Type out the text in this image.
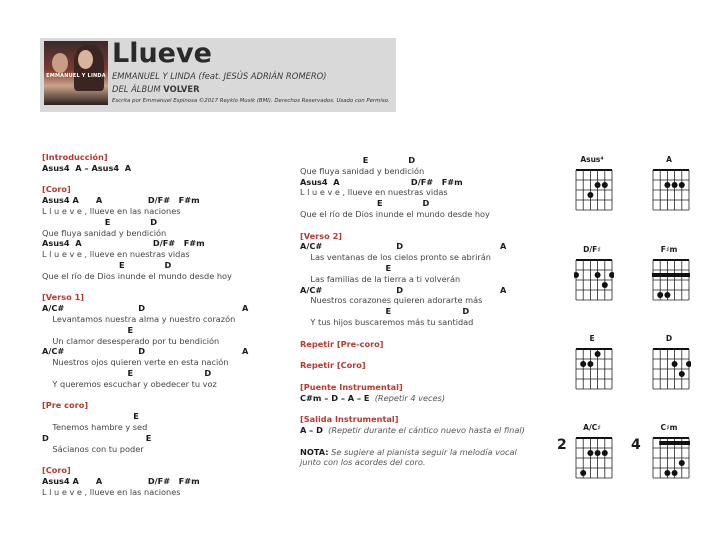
EMMANUEL Y LINDA
Llueve
EMMANUEL Y LINDA (feat. JESÚS ADRIÁN ROMERO)
DEL ÁLBUM VOLVER
Escrita por Emmanuel Espinosa ©2017 Reyklo Musik (BMI). Derechos Reservados. Usado con Permiso.
[Introducción]
Asus4  A – Asus4  A
[Coro]
Asus4 A      A                D/F#   F#m
L l u e v e , llueve en las naciones
E              D
Que fluya sanidad y bendición
Asus4  A                         D/F#   F#m
L l u e v e , llueve en nuestras vidas
E              D
Que el río de Dios inunde el mundo desde hoy
[Verso 1]
A/C#                          D                                  A
Levantamos nuestra alma y nuestro corazón
E
Un clamor desesperado por tu bendición
A/C#                          D                                  A
Nuestros ojos quieren verte en esta nación
E                         D
Y queremos escuchar y obedecer tu voz
[Pre coro]
E
Tenemos hambre y sed
D                                  E
Sácianos con tu poder
[Coro]
Asus4 A      A                D/F#   F#m
L l u e v e , llueve en las naciones
E              D
Que fluya sanidad y bendición
Asus4  A                         D/F#   F#m
L l u e v e , llueve en nuestras vidas
E              D
Que el río de Dios inunde el mundo desde hoy
[Verso 2]
A/C#                          D                                  A
Las ventanas de los cielos pronto se abrirán
E
Las familias de la tierra a ti volverán
A/C#                          D                                  A
Nuestros corazones quieren adorarte más
E                         D
Y tus hijos buscaremos más tu santidad
Repetir [Pre-coro]
Repetir [Coro]
[Puente Instrumental]
C#m – D – A – E  (Repetir 4 veces)
[Salida Instrumental]
A – D  (Repetir durante el cántico nuevo hasta el final)
NOTA: Se sugiere al pianista seguir la melodía vocal junto con los acordes del coro.
Asus⁴	A
D/F♯	F♯m
E	D
A/C♯	C♯m
2	4
